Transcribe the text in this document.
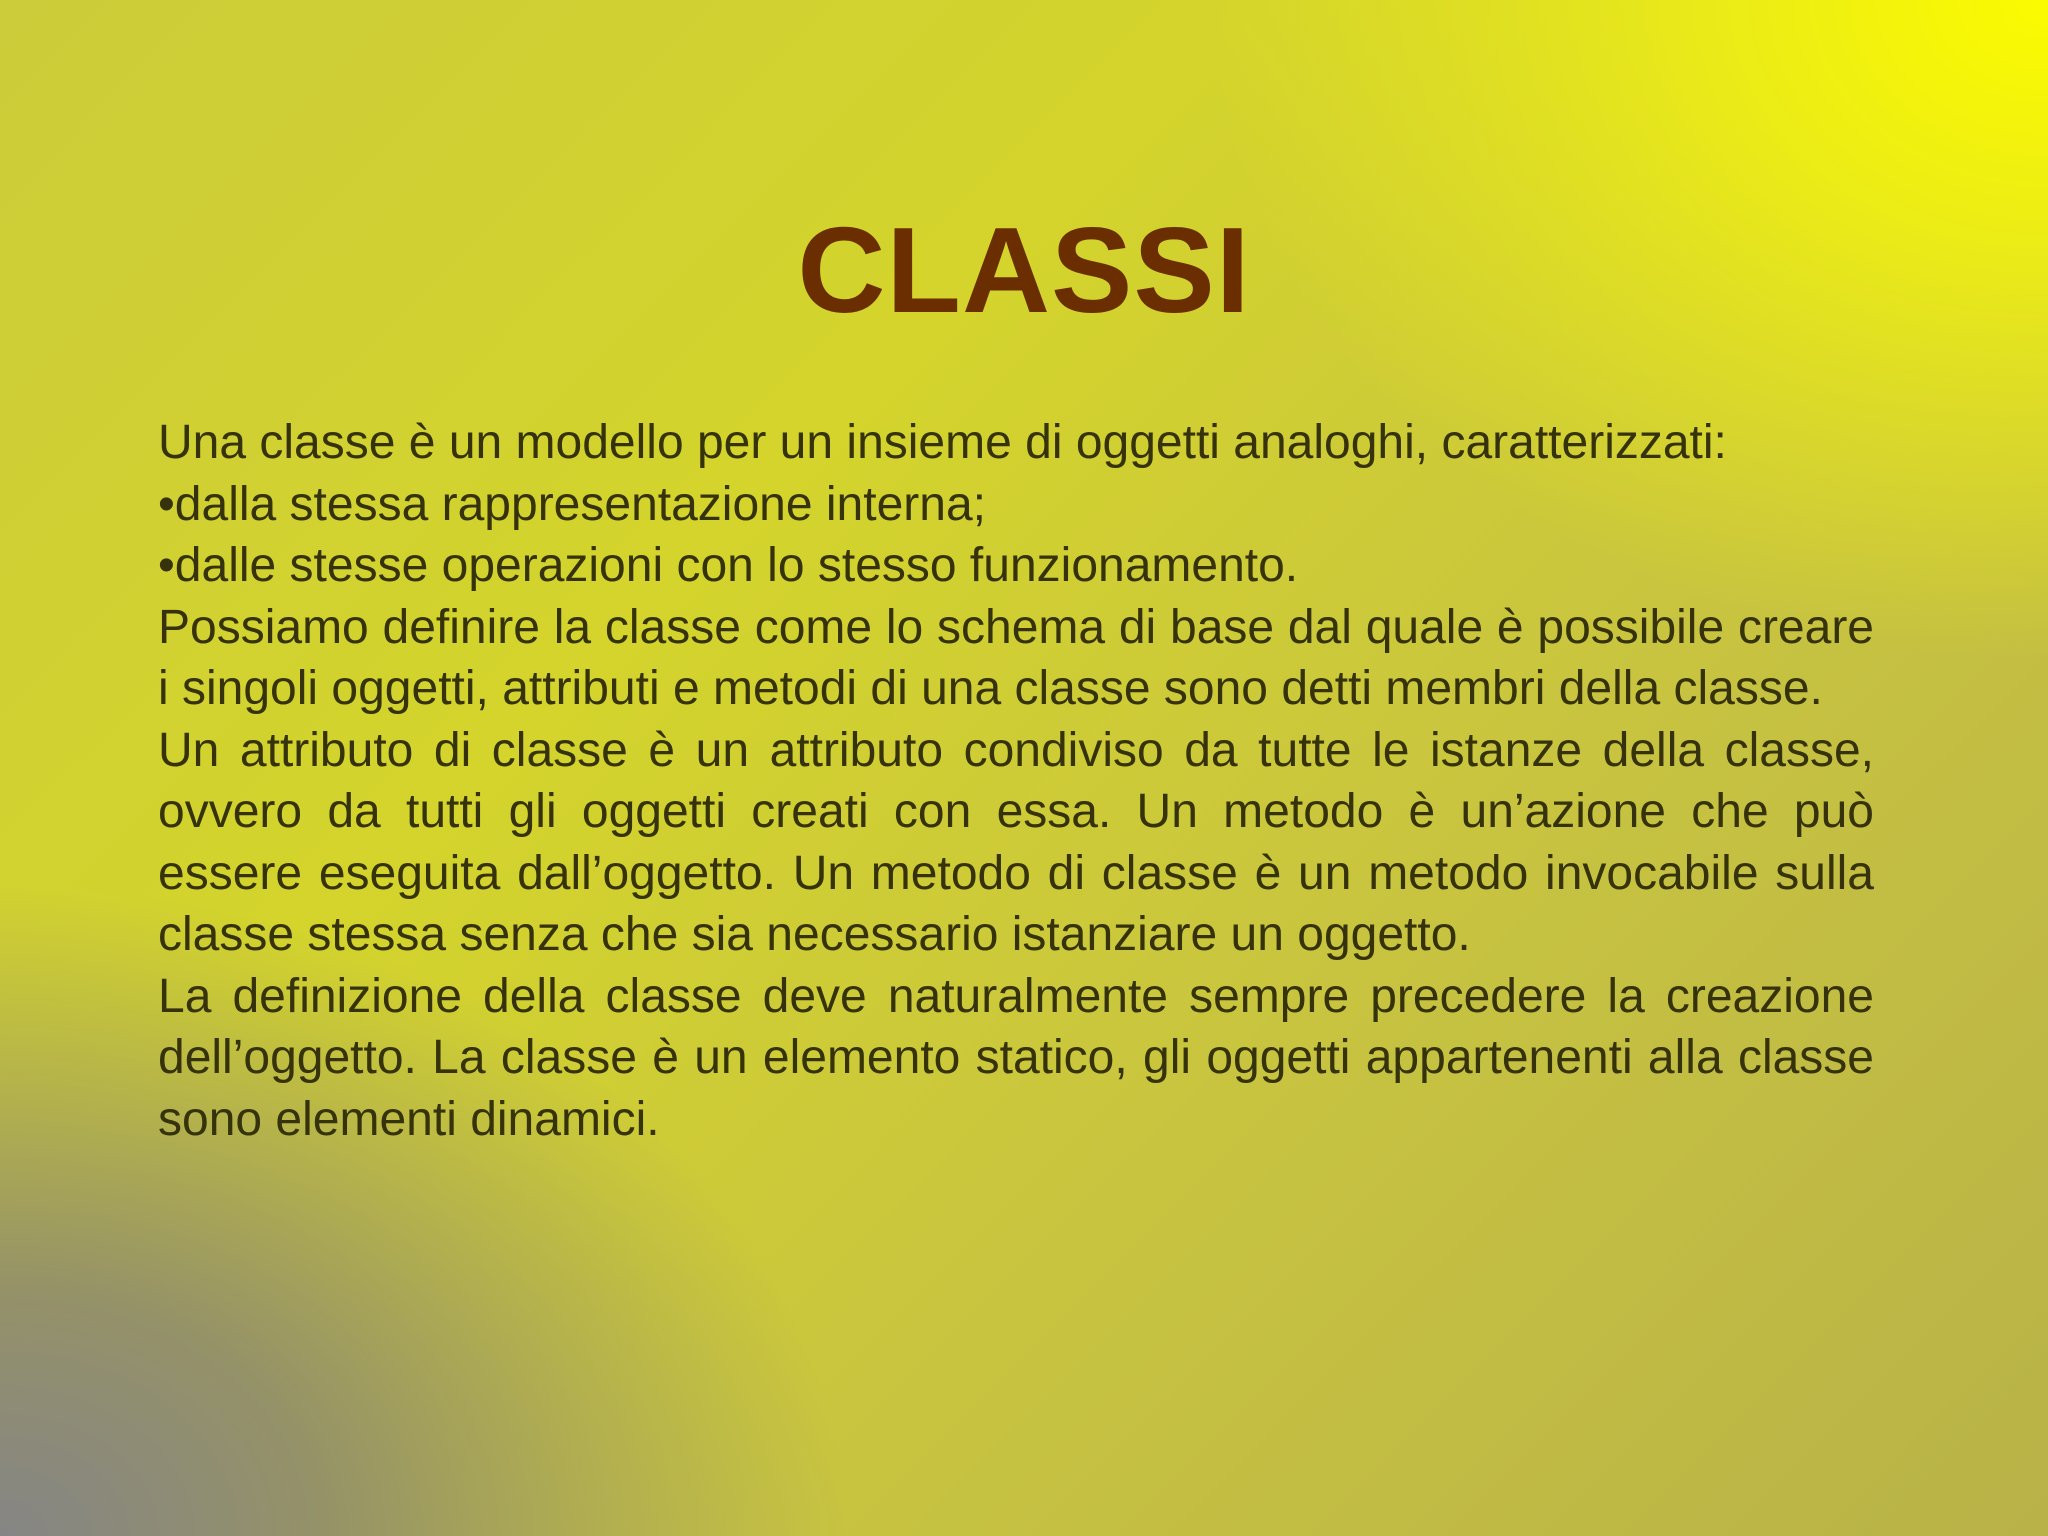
CLASSI
Una classe è un modello per un insieme di oggetti analoghi, caratterizzati:
•dalla stessa rappresentazione interna;
•dalle stesse operazioni con lo stesso funzionamento.
Possiamo definire la classe come lo schema di base dal quale è possibile creare i singoli oggetti, attributi e metodi di una classe sono detti membri della classe.
Un attributo di classe è un attributo condiviso da tutte le istanze della classe, ovvero da tutti gli oggetti creati con essa. Un metodo è un’azione che può essere eseguita dall’oggetto. Un metodo di classe è un metodo invocabile sulla classe stessa senza che sia necessario istanziare un oggetto.
La definizione della classe deve naturalmente sempre precedere la creazione dell’oggetto. La classe è un elemento statico, gli oggetti appartenenti alla classe sono elementi dinamici.
